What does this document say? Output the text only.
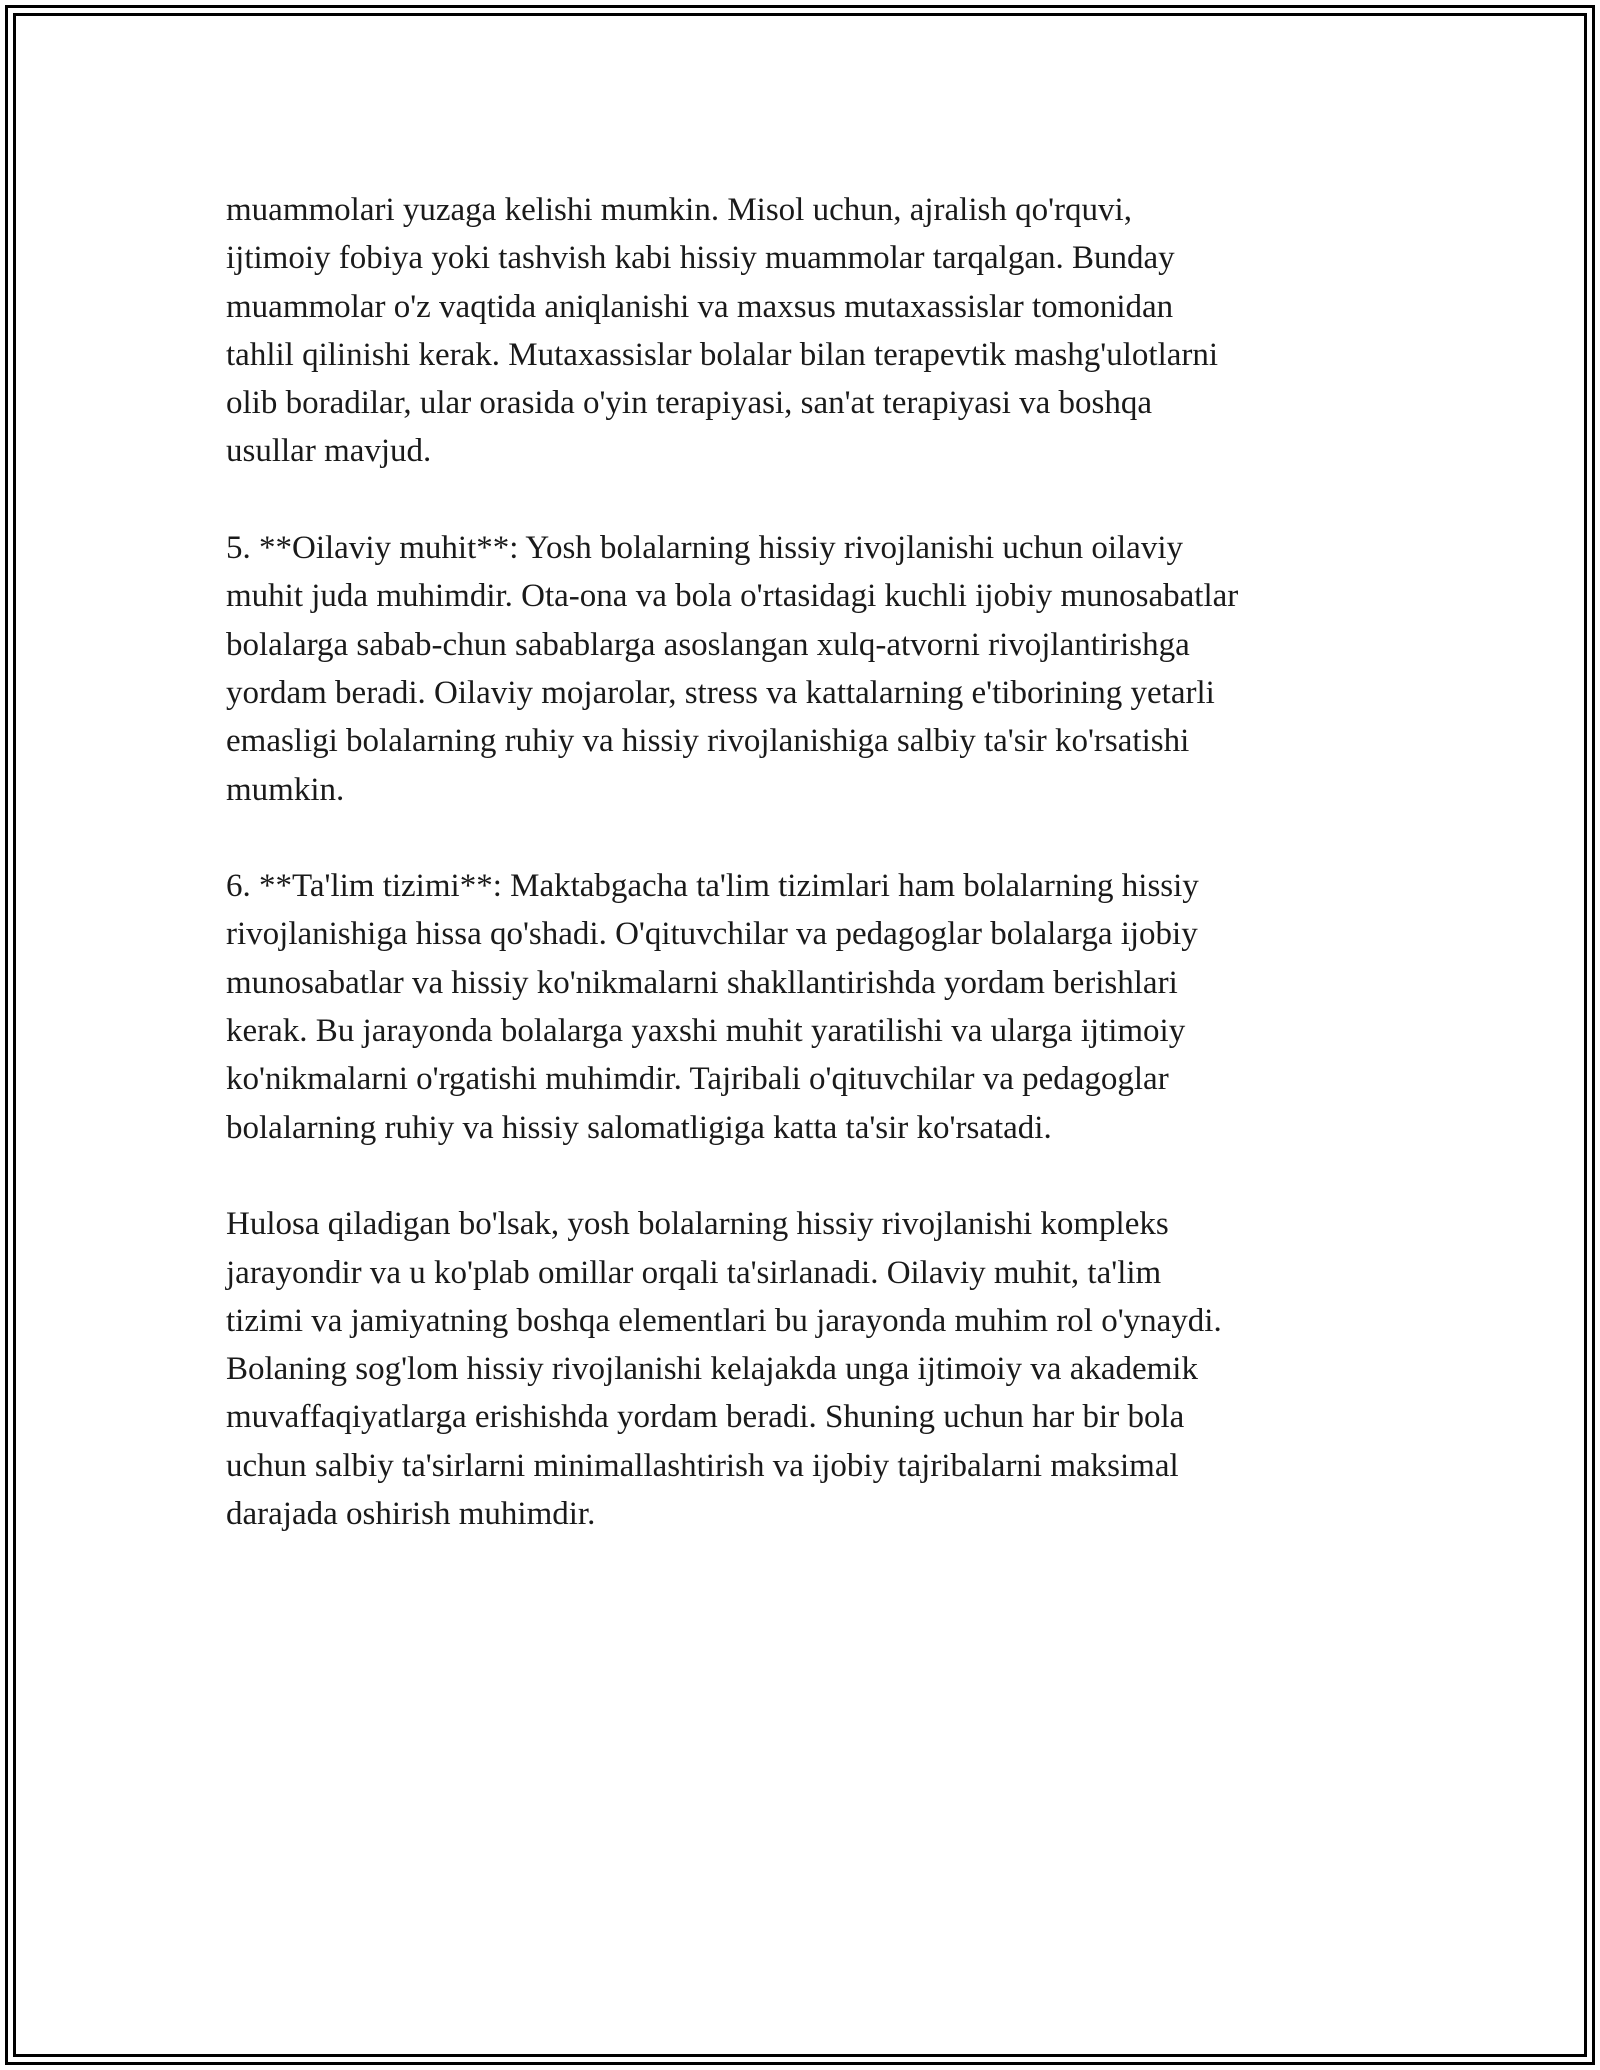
muammolari yuzaga kelishi mumkin. Misol uchun, ajralish qo'rquvi,
ijtimoiy fobiya yoki tashvish kabi hissiy muammolar tarqalgan. Bunday
muammolar o'z vaqtida aniqlanishi va maxsus mutaxassislar tomonidan
tahlil qilinishi kerak. Mutaxassislar bolalar bilan terapevtik mashg'ulotlarni
olib boradilar, ular orasida o'yin terapiyasi, san'at terapiyasi va boshqa
usullar mavjud.

5. **Oilaviy muhit**: Yosh bolalarning hissiy rivojlanishi uchun oilaviy
muhit juda muhimdir. Ota-ona va bola o'rtasidagi kuchli ijobiy munosabatlar
bolalarga sabab-chun sabablarga asoslangan xulq-atvorni rivojlantirishga
yordam beradi. Oilaviy mojarolar, stress va kattalarning e'tiborining yetarli
emasligi bolalarning ruhiy va hissiy rivojlanishiga salbiy ta'sir ko'rsatishi
mumkin.

6. **Ta'lim tizimi**: Maktabgacha ta'lim tizimlari ham bolalarning hissiy
rivojlanishiga hissa qo'shadi. O'qituvchilar va pedagoglar bolalarga ijobiy
munosabatlar va hissiy ko'nikmalarni shakllantirishda yordam berishlari
kerak. Bu jarayonda bolalarga yaxshi muhit yaratilishi va ularga ijtimoiy
ko'nikmalarni o'rgatishi muhimdir. Tajribali o'qituvchilar va pedagoglar
bolalarning ruhiy va hissiy salomatligiga katta ta'sir ko'rsatadi.

Hulosa qiladigan bo'lsak, yosh bolalarning hissiy rivojlanishi kompleks
jarayondir va u ko'plab omillar orqali ta'sirlanadi. Oilaviy muhit, ta'lim
tizimi va jamiyatning boshqa elementlari bu jarayonda muhim rol o'ynaydi.
Bolaning sog'lom hissiy rivojlanishi kelajakda unga ijtimoiy va akademik
muvaffaqiyatlarga erishishda yordam beradi. Shuning uchun har bir bola
uchun salbiy ta'sirlarni minimallashtirish va ijobiy tajribalarni maksimal
darajada oshirish muhimdir.
